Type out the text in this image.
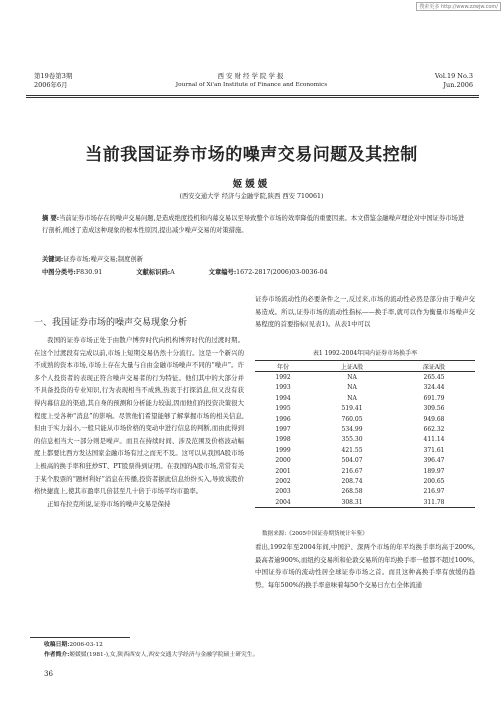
搜索更多 http://www.zzwjw.com/
第19卷第3期
2006年6月
西安财经学院学报
Journal of Xi'an Institute of Finance and Economics
Vol.19 No.3
Jun.2006
当前我国证券市场的噪声交易问题及其控制
姬媛媛
(西安交通大学 经济与金融学院,陕西 西安 710061)
摘 要:当前证券市场存在的噪声交易问题,是造成绝度投机和内幕交易以至导致整个市场的效率降低的重要因素。本文借鉴金融噪声理论对中国证券市场进行剖析,阐述了造成这种现象的根本性原因,提出减少噪声交易的对策措施。
关键词:证券市场;噪声交易;制度创新
中图分类号:F830.91	文献标识码:A	文章编号:1672-2817(2006)03-0036-04
一、我国证券市场的噪声交易现象分析
我国的证券市场正处于由散户博弈时代向机构博弈时代的过渡时期。在这个过渡段有完成以前,市场上短期交易仍然十分流行。这是一个新兴的不成熟的资本市场,市场上存在大量与自由金融市场噪声不同的“噪声”。许多个人投资者的表现正符合噪声交易者的行为特征。他们其中的大部分并不具备投资的专业知识,行为表现相当不成熟,热衷于打探消息,但又没有获得内幕信息的渠道,其自身的预测和分析能力较弱,因而他们的投资决策很大程度上受各种“消息”的影响。尽管他们希望能够了解掌握市场的相关信息,但由于实力弱小,一般只能从市场价格的变动中进行信息的判断,而由此得到的信息相当大一部分则是噪声。而且在持续时间、涉及范围及价格波动幅度上都要比西方发达国家金融市场有过之而无不及。这可以从我国A股市场上极高的换手率和狂炒ST、PT股票得到证明。在我国的A股市场,常常有关于某个股票的“题材利好”消息在传播,投资者据此信息纷纷买入,导致该股价格快捷直上,使其市盈率几倍甚至几十倍于市场平均市盈率。
正如布拉克所说,证券市场的噪声交易是保持
证券市场流动性的必要条件之一,反过来,市场的流动性必然是部分由于噪声交易造成。所以,证券市场的流动性指标——换手率,就可以作为衡量市场噪声交易程度的首要指标(见表1)。从表1中可以
表1 1992-2004年国内证券市场换手率
年份	上证A股	深证A股
1992	NA	265.45
1993	NA	324.44
1994	NA	691.79
1995	519.41	309.56
1996	760.05	949.68
1997	534.99	662.32
1998	355.30	411.14
1999	421.55	371.61
2000	504.07	396.47
2001	216.67	189.97
2002	208.74	200.65
2003	268.58	216.97
2004	308.31	311.78
数据来源:《2005中国证券期货统计年鉴》
看出,1992年至2004年间,中国沪、深两个市场的年平均换手率均高于200%,最高者逾900%,而纽约交易所和伦敦交易所的年均换手率一般都不超过100%,中国证券市场的流动性居全球证券市场之首。而且这种高换手率有放缓的趋势。每年500%的换手率意味着每50个交易日左右全体流通
收稿日期:2006-03-12
作者简介:姬媛媛(1981-),女,陕西西安人,西安交通大学经济与金融学院硕士研究生。
36
